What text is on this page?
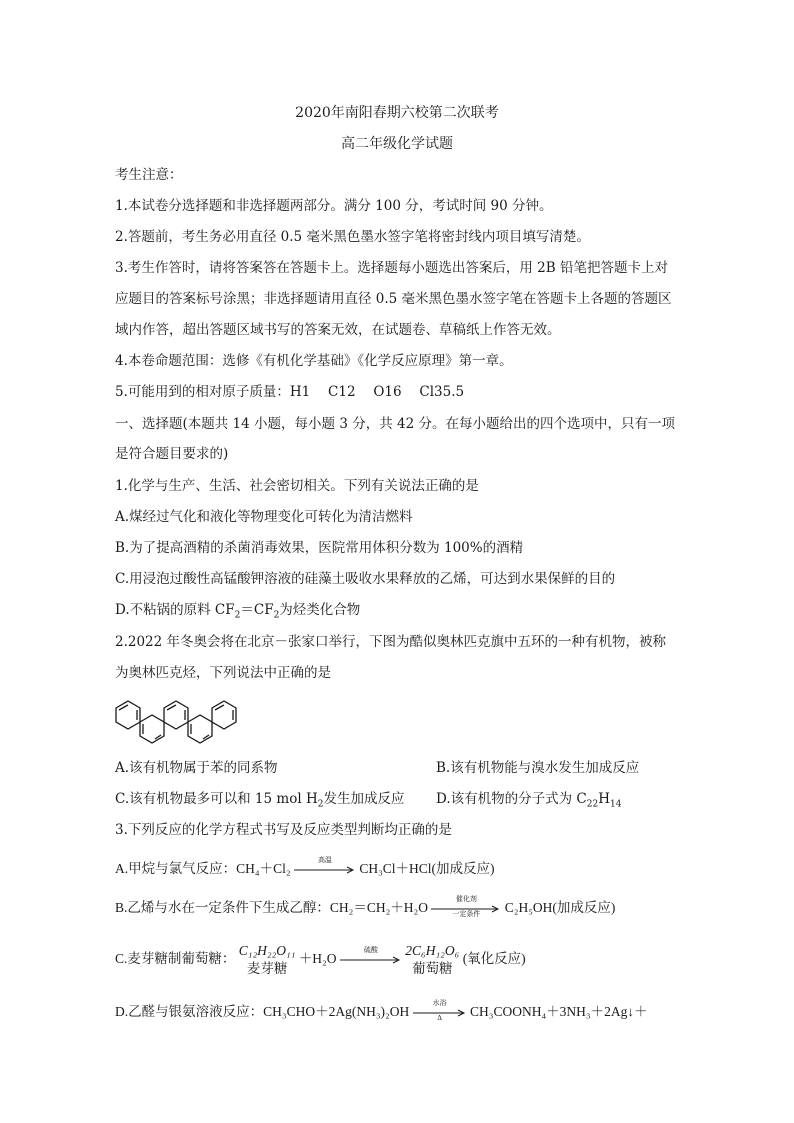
2020年南阳春期六校第二次联考
高二年级化学试题
考生注意：
1.本试卷分选择题和非选择题两部分。满分 100 分，考试时间 90 分钟。
2.答题前，考生务必用直径 0.5 毫米黑色墨水签字笔将密封线内项目填写清楚。
3.考生作答时，请将答案答在答题卡上。选择题每小题选出答案后，用 2B 铅笔把答题卡上对
应题目的答案标号涂黑；非选择题请用直径 0.5 毫米黑色墨水签字笔在答题卡上各题的答题区
域内作答，超出答题区域书写的答案无效，在试题卷、草稿纸上作答无效。
4.本卷命题范围：选修《有机化学基础》《化学反应原理》第一章。
5.可能用到的相对原子质量：H1　 C12　 O16　 Cl35.5
一、选择题(本题共 14 小题，每小题 3 分，共 42 分。在每小题给出的四个选项中，只有一项
是符合题目要求的)
1.化学与生产、生活、社会密切相关。下列有关说法正确的是
A.煤经过气化和液化等物理变化可转化为清洁燃料
B.为了提高酒精的杀菌消毒效果，医院常用体积分数为 100%的酒精
C.用浸泡过酸性高锰酸钾溶液的硅藻土吸收水果释放的乙烯，可达到水果保鲜的目的
D.不粘锅的原料 $CF_2=CF_2$为烃类化合物
2.2022 年冬奥会将在北京－张家口举行，下图为酷似奥林匹克旗中五环的一种有机物，被称
为奥林匹克烃，下列说法中正确的是
A.该有机物属于苯的同系物	B.该有机物能与溴水发生加成反应
C.该有机物最多可以和 15 mol $H_2$发生加成反应 D.该有机物的分子式为 $C_{22}H_{14}$
3.下列反应的化学方程式书写及反应类型判断均正确的是
A.甲烷与氯气反应：CH₄＋Cl₂
高温
CH₃Cl＋HCl(加成反应)
B.乙烯与水在一定条件下生成乙醇：CH₂＝CH₂＋H₂O
催化剂
一定条件	C₂H₅OH(加成反应)
C.麦芽糖制葡萄糖：
C₁₂H₂₂O₁₁
麦芽糖
＋H₂O
硫酸
	2C₆H₁₂O₆
葡萄糖
(氧化反应)
D.乙醛与银氨溶液反应：CH₃CHO＋2Ag(NH₃)₂OH
水浴
Δ	CH₃COONH₄＋3NH₃＋2Ag↓＋
